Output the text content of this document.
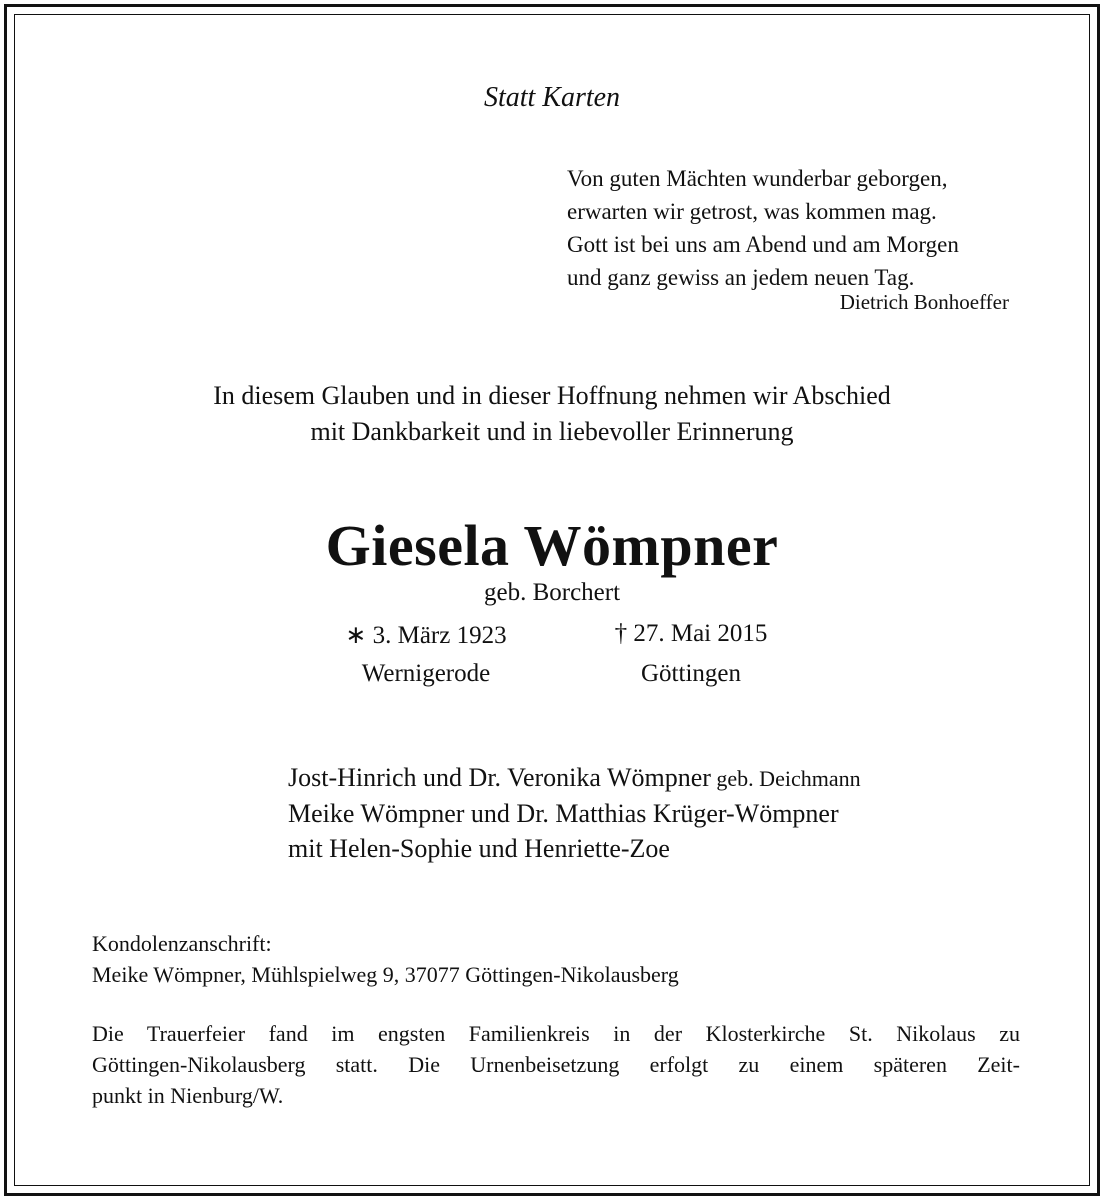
Statt Karten
Von guten Mächten wunderbar geborgen,
erwarten wir getrost, was kommen mag.
Gott ist bei uns am Abend und am Morgen
und ganz gewiss an jedem neuen Tag.
Dietrich Bonhoeffer
In diesem Glauben und in dieser Hoffnung nehmen wir Abschied
mit Dankbarkeit und in liebevoller Erinnerung
Giesela Wömpner
geb. Borchert
∗ 3. März 1923	† 27. Mai 2015
Wernigerode	Göttingen
Jost-Hinrich und Dr. Veronika Wömpner geb. Deichmann
Meike Wömpner und Dr. Matthias Krüger-Wömpner
mit Helen-Sophie und Henriette-Zoe
Kondolenzanschrift:
Meike Wömpner, Mühlspielweg 9, 37077 Göttingen-Nikolausberg
Die Trauerfeier fand im engsten Familienkreis in der Klosterkirche St. Nikolaus zu
Göttingen-Nikolausberg statt. Die Urnenbeisetzung erfolgt zu einem späteren Zeit-
punkt in Nienburg/W.
